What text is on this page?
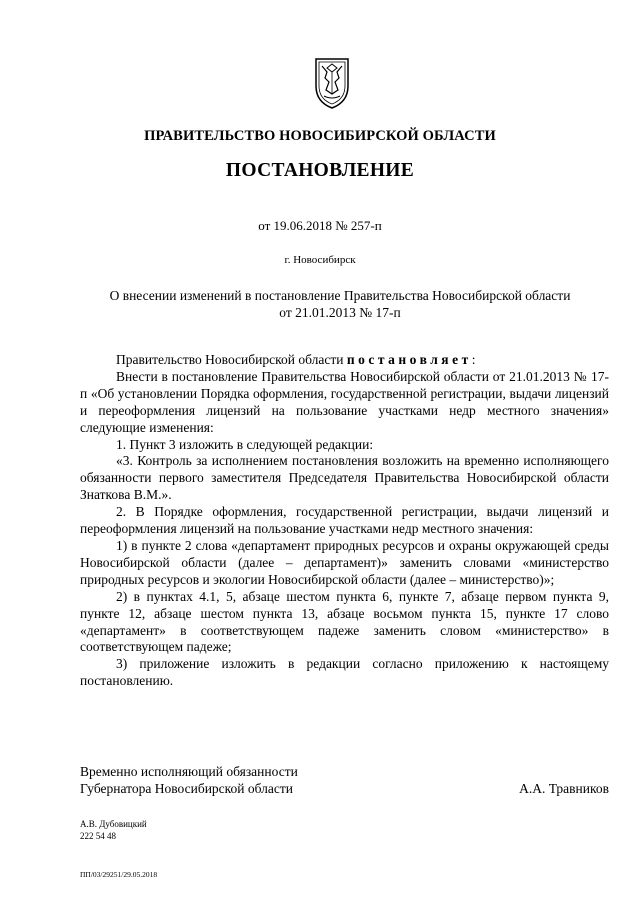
ПРАВИТЕЛЬСТВО НОВОСИБИРСКОЙ ОБЛАСТИ
ПОСТАНОВЛЕНИЕ
от 19.06.2018 № 257-п
г. Новосибирск
О внесении изменений в постановление Правительства Новосибирской области
от 21.01.2013 № 17-п

Правительство Новосибирской области постановляет:

Внести в постановление Правительства Новосибирской области от 21.01.2013 № 17-п «Об установлении Порядка оформления, государственной регистрации, выдачи лицензий и переоформления лицензий на пользование участками недр местного значения» следующие изменения:

1. Пункт 3 изложить в следующей редакции:

«3. Контроль за исполнением постановления возложить на временно исполняющего обязанности первого заместителя Председателя Правительства Новосибирской области Знаткова В.М.».

2. В Порядке оформления, государственной регистрации, выдачи лицензий и переоформления лицензий на пользование участками недр местного значения:

1) в пункте 2 слова «департамент природных ресурсов и охраны окружающей среды Новосибирской области (далее – департамент)» заменить словами «министерство природных ресурсов и экологии Новосибирской области (далее – министерство)»;

2) в пунктах 4.1, 5, абзаце шестом пункта 6, пункте 7, абзаце первом пункта 9, пункте 12, абзаце шестом пункта 13, абзаце восьмом пункта 15, пункте 17 слово «департамент» в соответствующем падеже заменить словом «министерство» в соответствующем падеже;

3) приложение изложить в редакции согласно приложению к настоящему постановлению.

Временно исполняющий обязанности
Губернатора Новосибирской области	А.А. Травников
А.В. Дубовицкий
222 54 48
ПП/03/29251/29.05.2018
